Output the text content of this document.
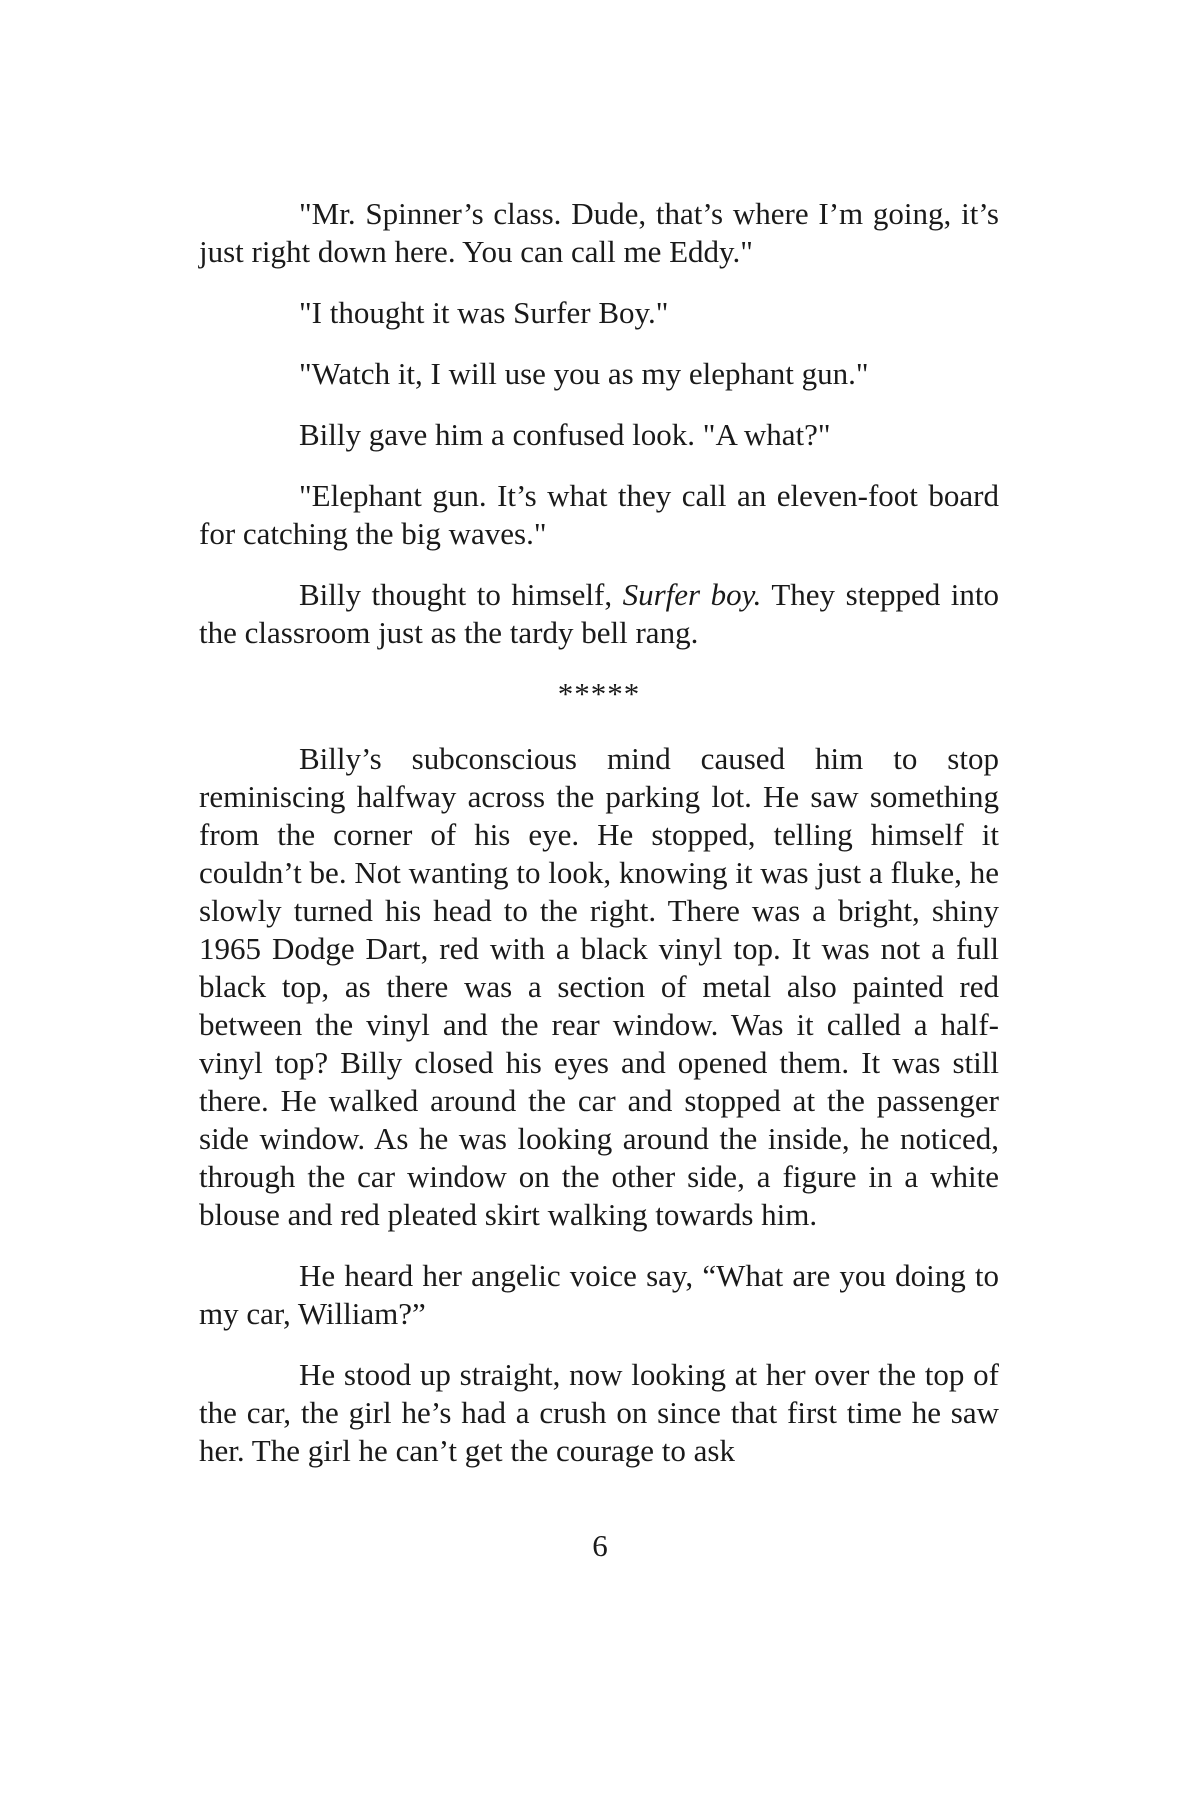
"Mr. Spinner’s class. Dude, that’s where I’m going, it’s just right down here. You can call me Eddy."

"I thought it was Surfer Boy."

"Watch it, I will use you as my elephant gun."

Billy gave him a confused look. "A what?"

"Elephant gun. It’s what they call an eleven-foot board for catching the big waves."

Billy thought to himself, Surfer boy. They stepped into the classroom just as the tardy bell rang.

*****

Billy’s subconscious mind caused him to stop reminiscing halfway across the parking lot. He saw something from the corner of his eye. He stopped, telling himself it couldn’t be. Not wanting to look, knowing it was just a fluke, he slowly turned his head to the right. There was a bright, shiny 1965 Dodge Dart, red with a black vinyl top. It was not a full black top, as there was a section of metal also painted red between the vinyl and the rear window. Was it called a half-vinyl top? Billy closed his eyes and opened them. It was still there. He walked around the car and stopped at the passenger side window. As he was looking around the inside, he noticed, through the car window on the other side, a figure in a white blouse and red pleated skirt walking towards him.

He heard her angelic voice say, “What are you doing to my car, William?”

He stood up straight, now looking at her over the top of the car, the girl he’s had a crush on since that first time he saw her. The girl he can’t get the courage to ask

6
